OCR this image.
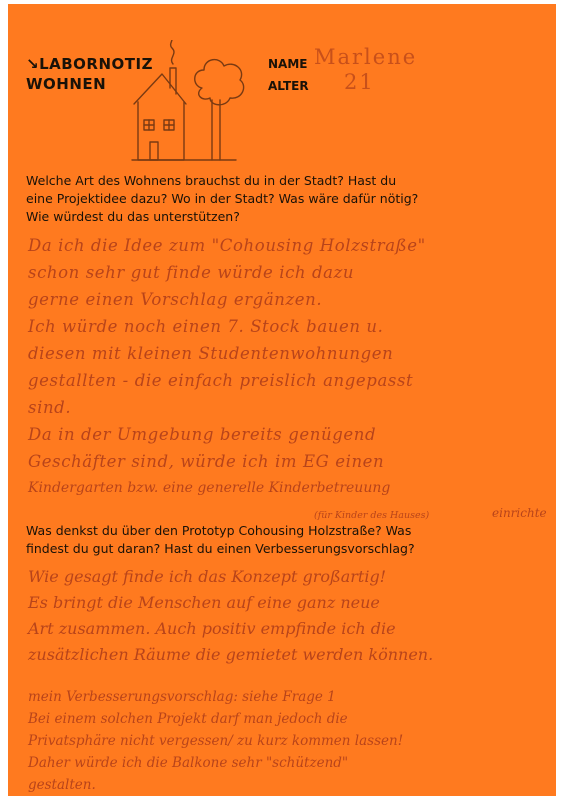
↘LABORNOTIZ
WOHNEN
NAME Marlene
ALTER 21
Welche Art des Wohnens brauchst du in der Stadt? Hast du
eine Projektidee dazu? Wo in der Stadt? Was wäre dafür nötig?
Wie würdest du das unterstützen?
Da ich die Idee zum "Cohousing Holzstraße"
schon sehr gut finde würde ich dazu
gerne einen Vorschlag ergänzen.
Ich würde noch einen 7. Stock bauen u.
diesen mit kleinen Studentenwohnungen
gestallten - die einfach preislich angepasst
sind.
Da in der Umgebung bereits genügend
Geschäfter sind, würde ich im EG einen
Kindergarten bzw. eine generelle Kinderbetreuung
(für Kinder des Hauses)	einrichte
Was denkst du über den Prototyp Cohousing Holzstraße? Was
findest du gut daran? Hast du einen Verbesserungsvorschlag?
Wie gesagt finde ich das Konzept großartig!
Es bringt die Menschen auf eine ganz neue
Art zusammen. Auch positiv empfinde ich die
zusätzlichen Räume die gemietet werden können.
mein Verbesserungsvorschlag: siehe Frage 1
Bei einem solchen Projekt darf man jedoch die
Privatsphäre nicht vergessen/ zu kurz kommen lassen!
Daher würde ich die Balkone sehr "schützend"
gestalten.
